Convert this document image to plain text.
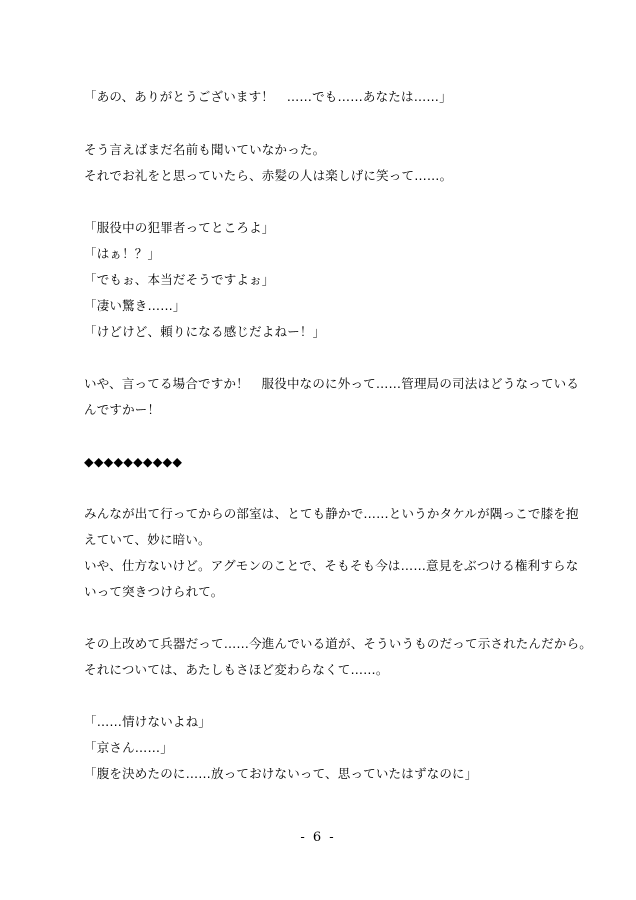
「あの、ありがとうございます！　……でも……あなたは……」
そう言えばまだ名前も聞いていなかった。
それでお礼をと思っていたら、赤髪の人は楽しげに笑って……。
「服役中の犯罪者ってところよ」
「はぁ！？」
「でもぉ、本当だそうですよぉ」
「凄い驚き……」
「けどけど、頼りになる感じだよねー！」
いや、言ってる場合ですか！　服役中なのに外って……管理局の司法はどうなっている
んですかー！
◆◆◆◆◆◆◆◆◆◆
みんなが出て行ってからの部室は、とても静かで……というかタケルが隅っこで膝を抱
えていて、妙に暗い。
いや、仕方ないけど。アグモンのことで、そもそも今は……意見をぶつける権利すらな
いって突きつけられて。
その上改めて兵器だって……今進んでいる道が、そういうものだって示されたんだから。
それについては、あたしもさほど変わらなくて……。
「……情けないよね」
「京さん……」
「腹を決めたのに……放っておけないって、思っていたはずなのに」
- 6 -
